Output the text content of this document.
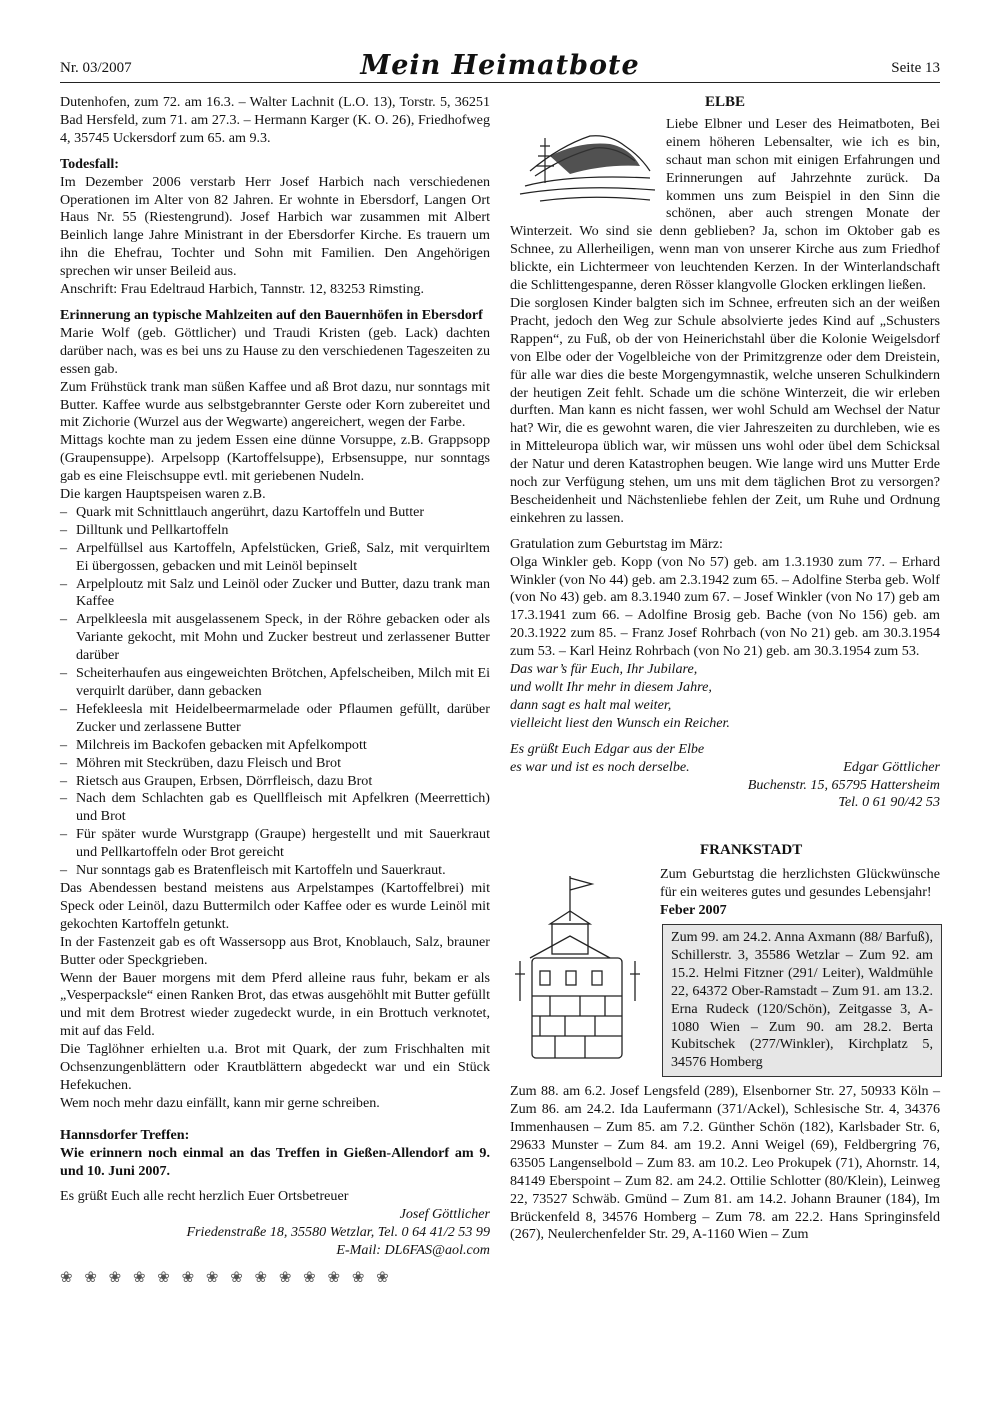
Nr. 03/2007	Mein Heimatbote	Seite 13

Dutenhofen, zum 72. am 16.3. – Walter Lachnit (L.O. 13), Torstr. 5, 36251 Bad Hersfeld, zum 71. am 27.3. – Hermann Karger (K. O. 26), Friedhofweg 4, 35745 Uckersdorf zum 65. am 9.3.

Todesfall:

Im Dezember 2006 verstarb Herr Josef Harbich nach verschiedenen Operationen im Alter von 82 Jahren. Er wohnte in Ebersdorf, Langen Ort Haus Nr. 55 (Riestengrund). Josef Harbich war zusammen mit Albert Beinlich lange Jahre Ministrant in der Ebersdorfer Kirche. Es trauern um ihn die Ehefrau, Tochter und Sohn mit Familien. Den Angehörigen sprechen wir unser Beileid aus.

Anschrift: Frau Edeltraud Harbich, Tannstr. 12, 83253 Rimsting.

Erinnerung an typische Mahlzeiten auf den Bauernhöfen in Ebersdorf

Marie Wolf (geb. Göttlicher) und Traudi Kristen (geb. Lack) dachten darüber nach, was es bei uns zu Hause zu den verschiedenen Tageszeiten zu essen gab.

Zum Frühstück trank man süßen Kaffee und aß Brot dazu, nur sonntags mit Butter. Kaffee wurde aus selbstgebrannter Gerste oder Korn zubereitet und mit Zichorie (Wurzel aus der Wegwarte) angereichert, wegen der Farbe.

Mittags kochte man zu jedem Essen eine dünne Vorsuppe, z.B. Grappsopp (Graupensuppe). Arpelsopp (Kartoffelsuppe), Erbsensuppe, nur sonntags gab es eine Fleischsuppe evtl. mit geriebenen Nudeln.

Die kargen Hauptspeisen waren z.B.

– Quark mit Schnittlauch angerührt, dazu Kartoffeln und Butter
– Dilltunk und Pellkartoffeln
– Arpelfüllsel aus Kartoffeln, Apfelstücken, Grieß, Salz, mit verquirltem Ei übergossen, gebacken und mit Leinöl bepinselt
– Arpelploutz mit Salz und Leinöl oder Zucker und Butter, dazu trank man Kaffee
– Arpelkleesla mit ausgelassenem Speck, in der Röhre gebacken oder als Variante gekocht, mit Mohn und Zucker bestreut und zerlassener Butter darüber
– Scheiterhaufen aus eingeweichten Brötchen, Apfelscheiben, Milch mit Ei verquirlt darüber, dann gebacken
– Hefekleesla mit Heidelbeermarmelade oder Pflaumen gefüllt, darüber Zucker und zerlassene Butter
– Milchreis im Backofen gebacken mit Apfelkompott
– Möhren mit Steckrüben, dazu Fleisch und Brot
– Rietsch aus Graupen, Erbsen, Dörrfleisch, dazu Brot
– Nach dem Schlachten gab es Quellfleisch mit Apfelkren (Meerrettich) und Brot
– Für später wurde Wurstgrapp (Graupe) hergestellt und mit Sauerkraut und Pellkartoffeln oder Brot gereicht
– Nur sonntags gab es Bratenfleisch mit Kartoffeln und Sauerkraut.

Das Abendessen bestand meistens aus Arpelstampes (Kartoffelbrei) mit Speck oder Leinöl, dazu Buttermilch oder Kaffee oder es wurde Leinöl mit gekochten Kartoffeln getunkt.

In der Fastenzeit gab es oft Wassersopp aus Brot, Knoblauch, Salz, brauner Butter oder Speckgrieben.

Wenn der Bauer morgens mit dem Pferd alleine raus fuhr, bekam er als „Vesperpacksle“ einen Ranken Brot, das etwas ausgehöhlt mit Butter gefüllt und mit dem Brotrest wieder zugedeckt wurde, in ein Brottuch verknotet, mit auf das Feld.

Die Taglöhner erhielten u.a. Brot mit Quark, der zum Frischhalten mit Ochsenzungenblättern oder Krautblättern abgedeckt war und ein Stück Hefekuchen.

Wem noch mehr dazu einfällt, kann mir gerne schreiben.

Hannsdorfer Treffen:

Wie erinnern noch einmal an das Treffen in Gießen-Allendorf am 9. und 10. Juni 2007.

Es grüßt Euch alle recht herzlich Euer Ortsbetreuer

Josef Göttlicher

Friedenstraße 18, 35580 Wetzlar, Tel. 0 64 41/2 53 99

E-Mail: DL6FAS@aol.com

❀ ❀ ❀ ❀ ❀ ❀ ❀ ❀ ❀ ❀ ❀ ❀ ❀ ❀

ELBE

Liebe Elbner und Leser des Heimatboten, Bei einem höheren Lebensalter, wie ich es bin, schaut man schon mit einigen Erfahrungen und Erinnerungen auf Jahrzehnte zurück. Da kommen uns zum Beispiel in den Sinn die schönen, aber auch strengen Monate der Winterzeit. Wo sind sie denn geblieben? Ja, schon im Oktober gab es Schnee, zu Allerheiligen, wenn man von unserer Kirche aus zum Friedhof blickte, ein Lichtermeer von leuchtenden Kerzen. In der Winterlandschaft die Schlittengespanne, deren Rösser klangvolle Glocken erklingen ließen.

Die sorglosen Kinder balgten sich im Schnee, erfreuten sich an der weißen Pracht, jedoch den Weg zur Schule absolvierte jedes Kind auf „Schusters Rappen“, zu Fuß, ob der von Heinerichstahl über die Kolonie Weigelsdorf von Elbe oder der Vogelbleiche von der Primitzgrenze oder dem Dreistein, für alle war dies die beste Morgengymnastik, welche unseren Schulkindern der heutigen Zeit fehlt. Schade um die schöne Winterzeit, die wir erleben durften. Man kann es nicht fassen, wer wohl Schuld am Wechsel der Natur hat? Wir, die es gewohnt waren, die vier Jahreszeiten zu durchleben, wie es in Mitteleuropa üblich war, wir müssen uns wohl oder übel dem Schicksal der Natur und deren Katastrophen beugen. Wie lange wird uns Mutter Erde noch zur Verfügung stehen, um uns mit dem täglichen Brot zu versorgen? Bescheidenheit und Nächstenliebe fehlen der Zeit, um Ruhe und Ordnung einkehren zu lassen.

Gratulation zum Geburtstag im März:

Olga Winkler geb. Kopp (von No 57) geb. am 1.3.1930 zum 77. – Erhard Winkler (von No 44) geb. am 2.3.1942 zum 65. – Adolfine Sterba geb. Wolf (von No 43) geb. am 8.3.1940 zum 67. – Josef Winkler (von No 17) geb am 17.3.1941 zum 66. – Adolfine Brosig geb. Bache (von No 156) geb. am 20.3.1922 zum 85. – Franz Josef Rohrbach (von No 21) geb. am 30.3.1954 zum 53. – Karl Heinz Rohrbach (von No 21) geb. am 30.3.1954 zum 53.

Das war’s für Euch, Ihr Jubilare,

und wollt Ihr mehr in diesem Jahre,

dann sagt es halt mal weiter,

vielleicht liest den Wunsch ein Reicher.

Es grüßt Euch Edgar aus der Elbe

es war und ist es noch derselbe.	Edgar Göttlicher

Buchenstr. 15, 65795 Hattersheim

Tel. 0 61 90/42 53

FRANKSTADT

Zum Geburtstag die herzlichsten Glückwünsche für ein weiteres gutes und gesundes Lebensjahr!

Feber 2007

Zum 99. am 24.2. Anna Axmann (88/ Barfuß), Schillerstr. 3, 35586 Wetzlar – Zum 92. am 15.2. Helmi Fitzner (291/ Leiter), Waldmühle 22, 64372 Ober-Ramstadt – Zum 91. am 13.2. Erna Rudeck (120/Schön), Zeitgasse 3, A-1080 Wien – Zum 90. am 28.2. Berta Kubitschek (277/Winkler), Kirchplatz 5, 34576 Homberg

Zum 88. am 6.2. Josef Lengsfeld (289), Elsenborner Str. 27, 50933 Köln – Zum 86. am 24.2. Ida Laufermann (371/Ackel), Schlesische Str. 4, 34376 Immenhausen – Zum 85. am 7.2. Günther Schön (182), Karlsbader Str. 6, 29633 Munster – Zum 84. am 19.2. Anni Weigel (69), Feldbergring 76, 63505 Langenselbold – Zum 83. am 10.2. Leo Prokupek (71), Ahornstr. 14, 84149 Eberspoint – Zum 82. am 24.2. Ottilie Schlotter (80/Klein), Leinweg 22, 73527 Schwäb. Gmünd – Zum 81. am 14.2. Johann Brauner (184), Im Brückenfeld 8, 34576 Homberg – Zum 78. am 22.2. Hans Springinsfeld (267), Neulerchenfelder Str. 29, A-1160 Wien – Zum
